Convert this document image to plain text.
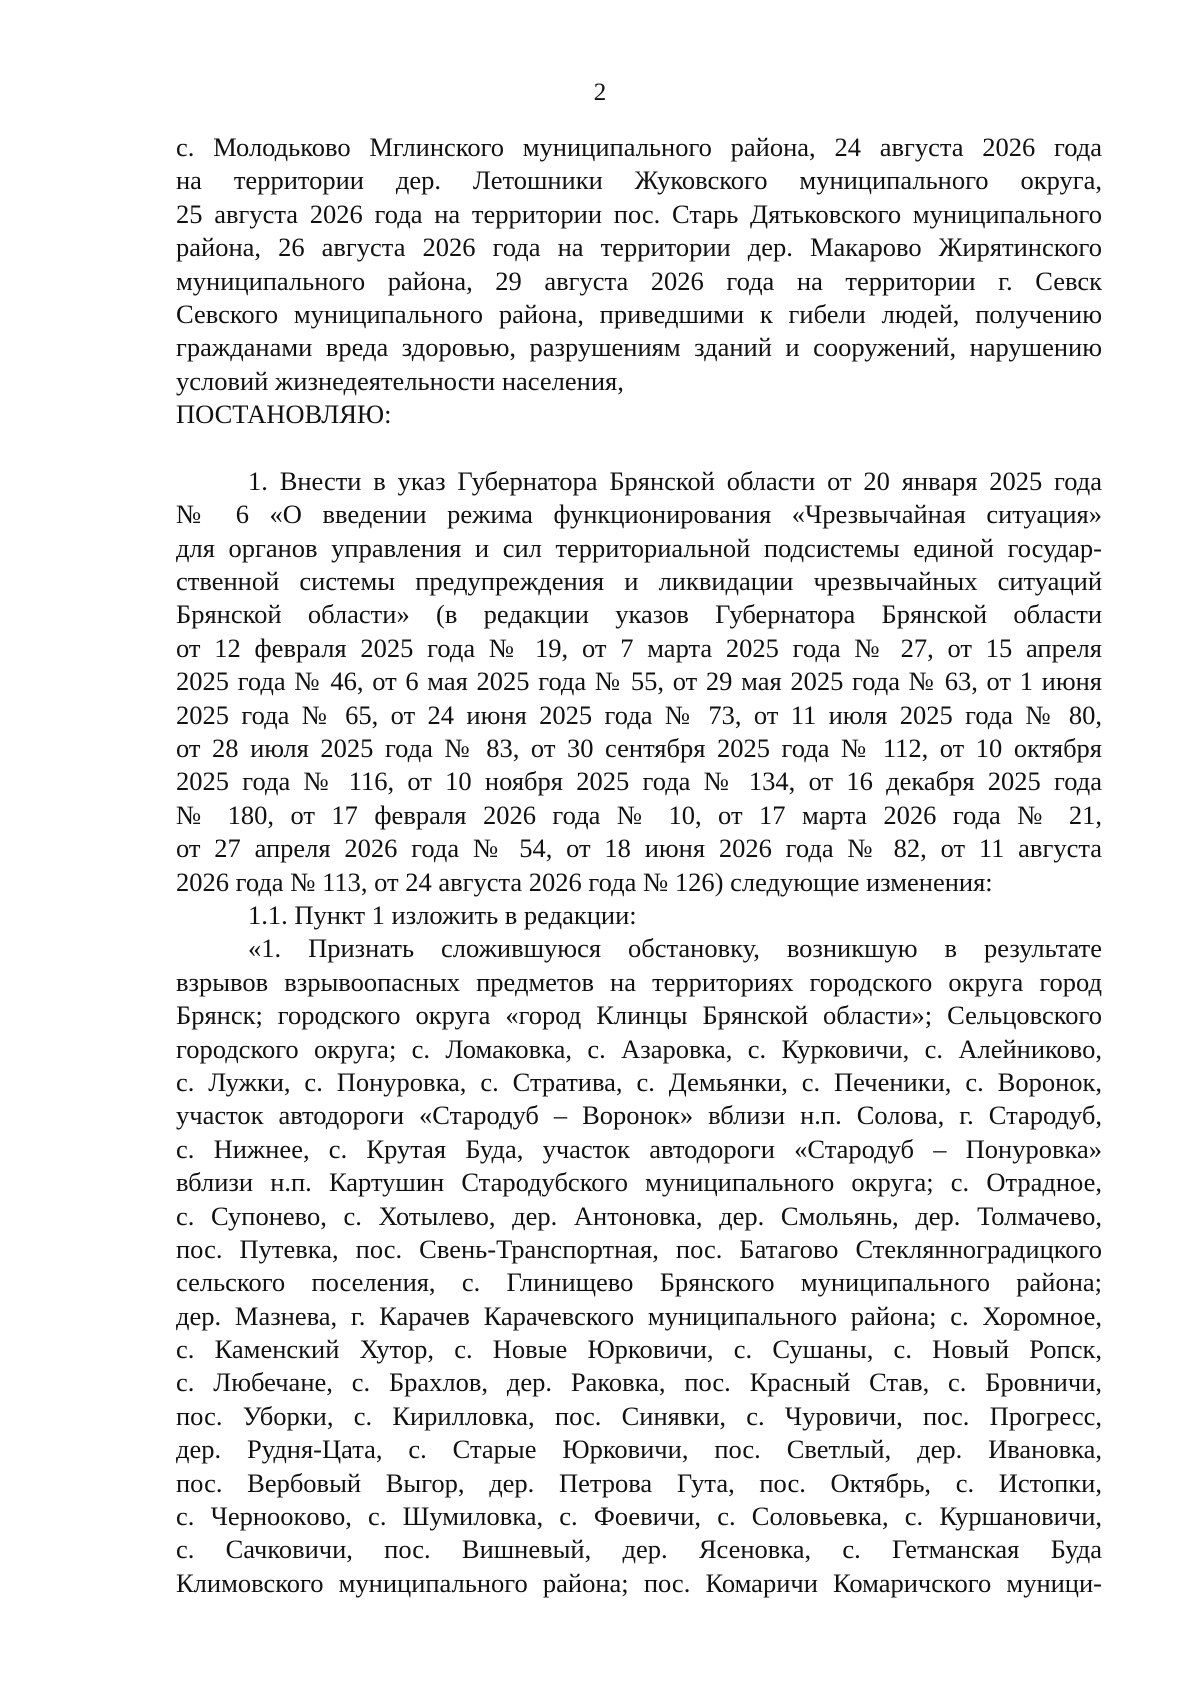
2
с. Молодьково Мглинского муниципального района, 24 августа 2026 года
на территории дер. Летошники Жуковского муниципального округа,
25 августа 2026 года на территории пос. Старь Дятьковского муниципального
района, 26 августа 2026 года на территории дер. Макарово Жирятинского
муниципального района, 29 августа 2026 года на территории г. Севск
Севского муниципального района, приведшими к гибели людей, получению
гражданами вреда здоровью, разрушениям зданий и сооружений, нарушению
условий жизнедеятельности населения,
ПОСТАНОВЛЯЮ:
1. Внести в указ Губернатора Брянской области от 20 января 2025 года
№ 6 «О введении режима функционирования «Чрезвычайная ситуация»
для органов управления и сил территориальной подсистемы единой государ-
ственной системы предупреждения и ликвидации чрезвычайных ситуаций
Брянской области» (в редакции указов Губернатора Брянской области
от 12 февраля 2025 года № 19, от 7 марта 2025 года № 27, от 15 апреля
2025 года № 46, от 6 мая 2025 года № 55, от 29 мая 2025 года № 63, от 1 июня
2025 года № 65, от 24 июня 2025 года № 73, от 11 июля 2025 года № 80,
от 28 июля 2025 года № 83, от 30 сентября 2025 года № 112, от 10 октября
2025 года № 116, от 10 ноября 2025 года № 134, от 16 декабря 2025 года
№ 180, от 17 февраля 2026 года № 10, от 17 марта 2026 года № 21,
от 27 апреля 2026 года № 54, от 18 июня 2026 года № 82, от 11 августа
2026 года № 113, от 24 августа 2026 года № 126) следующие изменения:
1.1. Пункт 1 изложить в редакции:
«1. Признать сложившуюся обстановку, возникшую в результате
взрывов взрывоопасных предметов на территориях городского округа город
Брянск; городского округа «город Клинцы Брянской области»; Сельцовского
городского округа; с. Ломаковка, с. Азаровка, с. Курковичи, с. Алейниково,
с. Лужки, с. Понуровка, с. Стратива, с. Демьянки, с. Печеники, с. Воронок,
участок автодороги «Стародуб – Воронок» вблизи н.п. Солова, г. Стародуб,
с. Нижнее, с. Крутая Буда, участок автодороги «Стародуб – Понуровка»
вблизи н.п. Картушин Стародубского муниципального округа; с. Отрадное,
с. Супонево, с. Хотылево, дер. Антоновка, дер. Смольянь, дер. Толмачево,
пос. Путевка, пос. Свень-Транспортная, пос. Батагово Стеклянноградицкого
сельского поселения, с. Глинищево Брянского муниципального района;
дер. Мазнева, г. Карачев Карачевского муниципального района; с. Хоромное,
с. Каменский Хутор, с. Новые Юрковичи, с. Сушаны, с. Новый Ропск,
с. Любечане, с. Брахлов, дер. Раковка, пос. Красный Став, с. Бровничи,
пос. Уборки, с. Кирилловка, пос. Синявки, с. Чуровичи, пос. Прогресс,
дер. Рудня-Цата, с. Старые Юрковичи, пос. Светлый, дер. Ивановка,
пос. Вербовый Выгор, дер. Петрова Гута, пос. Октябрь, с. Истопки,
с. Черноокoво, с. Шумиловка, с. Фоевичи, с. Соловьевка, с. Куршановичи,
с. Сачковичи, пос. Вишневый, дер. Ясеновка, с. Гетманская Буда
Климовского муниципального района; пос. Комаричи Комаричского муници-
